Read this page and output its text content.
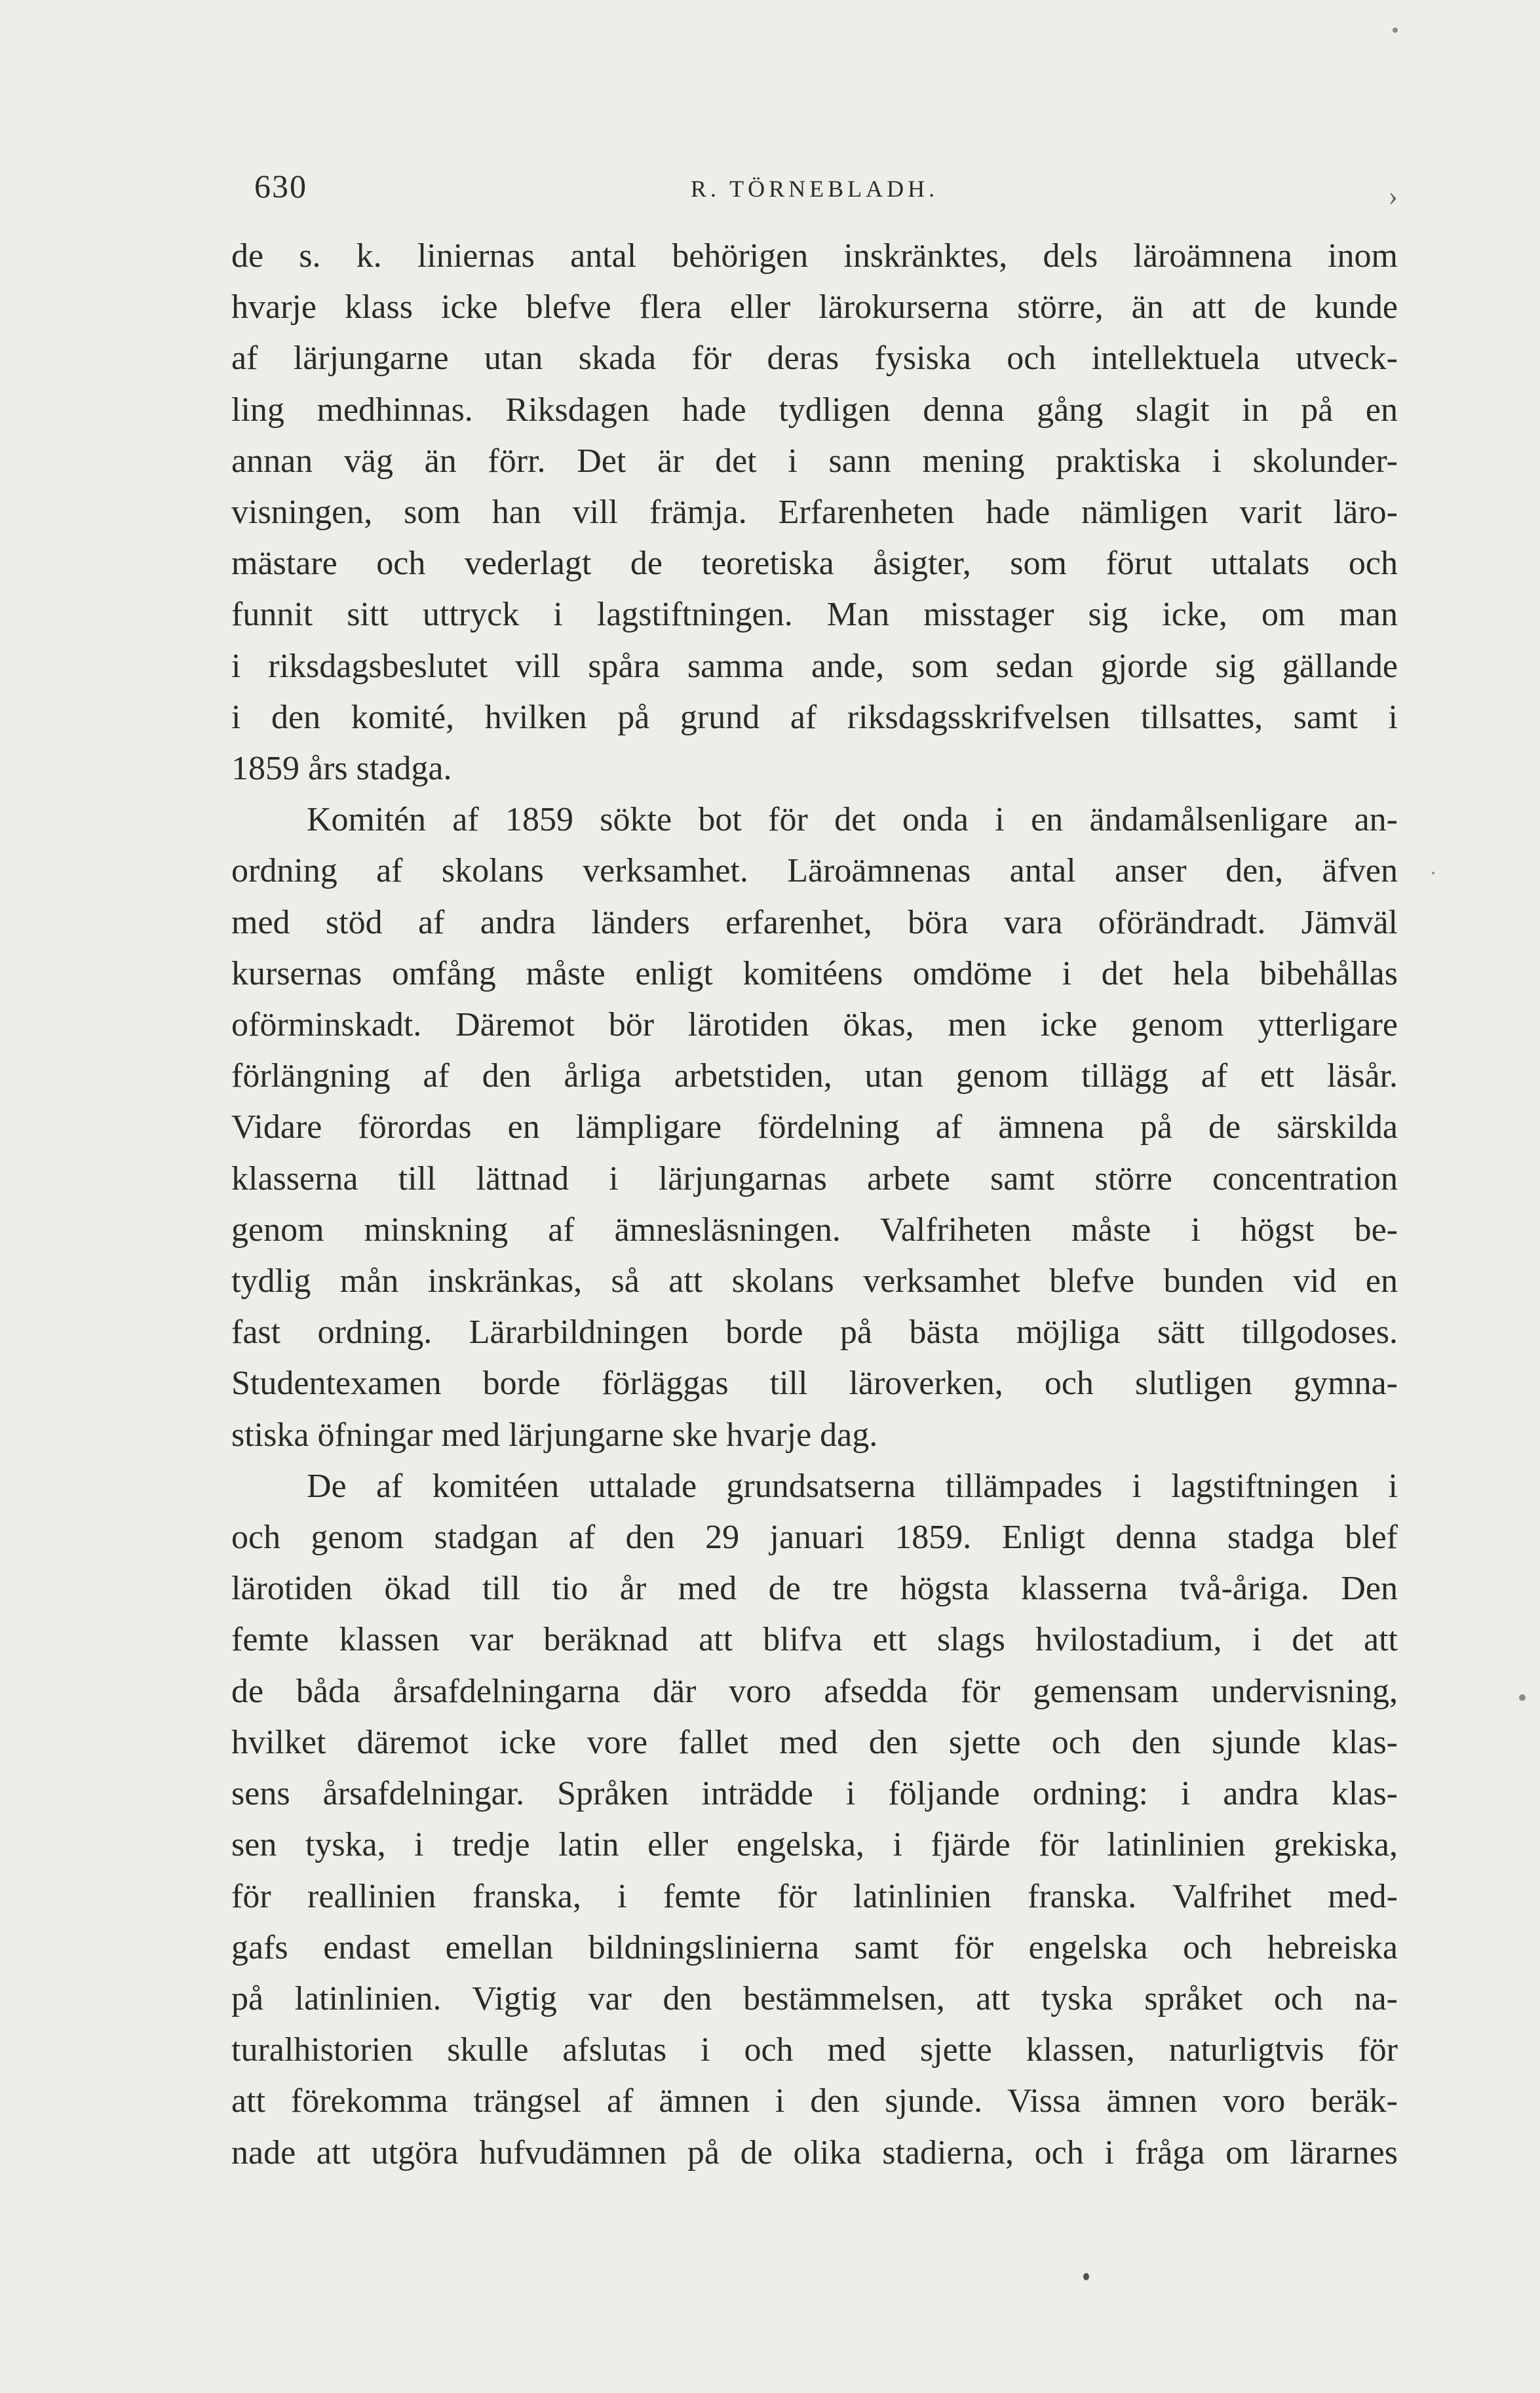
630	R. TÖRNEBLADH.	›

de s. k. liniernas antal behörigen inskränktes, dels läroämnena inom
hvarje klass icke blefve flera eller lärokurserna större, än att de kunde
af lärjungarne utan skada för deras fysiska och intellektuela utveck-
ling medhinnas. Riksdagen hade tydligen denna gång slagit in på en
annan väg än förr. Det är det i sann mening praktiska i skolunder-
visningen, som han vill främja. Erfarenheten hade nämligen varit läro-
mästare och vederlagt de teoretiska åsigter, som förut uttalats och
funnit sitt uttryck i lagstiftningen. Man misstager sig icke, om man
i riksdagsbeslutet vill spåra samma ande, som sedan gjorde sig gällande
i den komité, hvilken på grund af riksdagsskrifvelsen tillsattes, samt i
1859 års stadga.

Komitén af 1859 sökte bot för det onda i en ändamålsenligare an-
ordning af skolans verksamhet. Läroämnenas antal anser den, äfven
med stöd af andra länders erfarenhet, böra vara oförändradt. Jämväl
kursernas omfång måste enligt komitéens omdöme i det hela bibehållas
oförminskadt. Däremot bör lärotiden ökas, men icke genom ytterligare
förlängning af den årliga arbetstiden, utan genom tillägg af ett läsår.
Vidare förordas en lämpligare fördelning af ämnena på de särskilda
klasserna till lättnad i lärjungarnas arbete samt större concentration
genom minskning af ämnesläsningen. Valfriheten måste i högst be-
tydlig mån inskränkas, så att skolans verksamhet blefve bunden vid en
fast ordning. Lärarbildningen borde på bästa möjliga sätt tillgodoses.
Studentexamen borde förläggas till läroverken, och slutligen gymna-
stiska öfningar med lärjungarne ske hvarje dag.

De af komitéen uttalade grundsatserna tillämpades i lagstiftningen i
och genom stadgan af den 29 januari 1859. Enligt denna stadga blef
lärotiden ökad till tio år med de tre högsta klasserna två-åriga. Den
femte klassen var beräknad att blifva ett slags hvilostadium, i det att
de båda årsafdelningarna där voro afsedda för gemensam undervisning,
hvilket däremot icke vore fallet med den sjette och den sjunde klas-
sens årsafdelningar. Språken inträdde i följande ordning: i andra klas-
sen tyska, i tredje latin eller engelska, i fjärde för latinlinien grekiska,
för reallinien franska, i femte för latinlinien franska. Valfrihet med-
gafs endast emellan bildningslinierna samt för engelska och hebreiska
på latinlinien. Vigtig var den bestämmelsen, att tyska språket och na-
turalhistorien skulle afslutas i och med sjette klassen, naturligtvis för
att förekomma trängsel af ämnen i den sjunde. Vissa ämnen voro beräk-
nade att utgöra hufvudämnen på de olika stadierna, och i fråga om lärarnes
